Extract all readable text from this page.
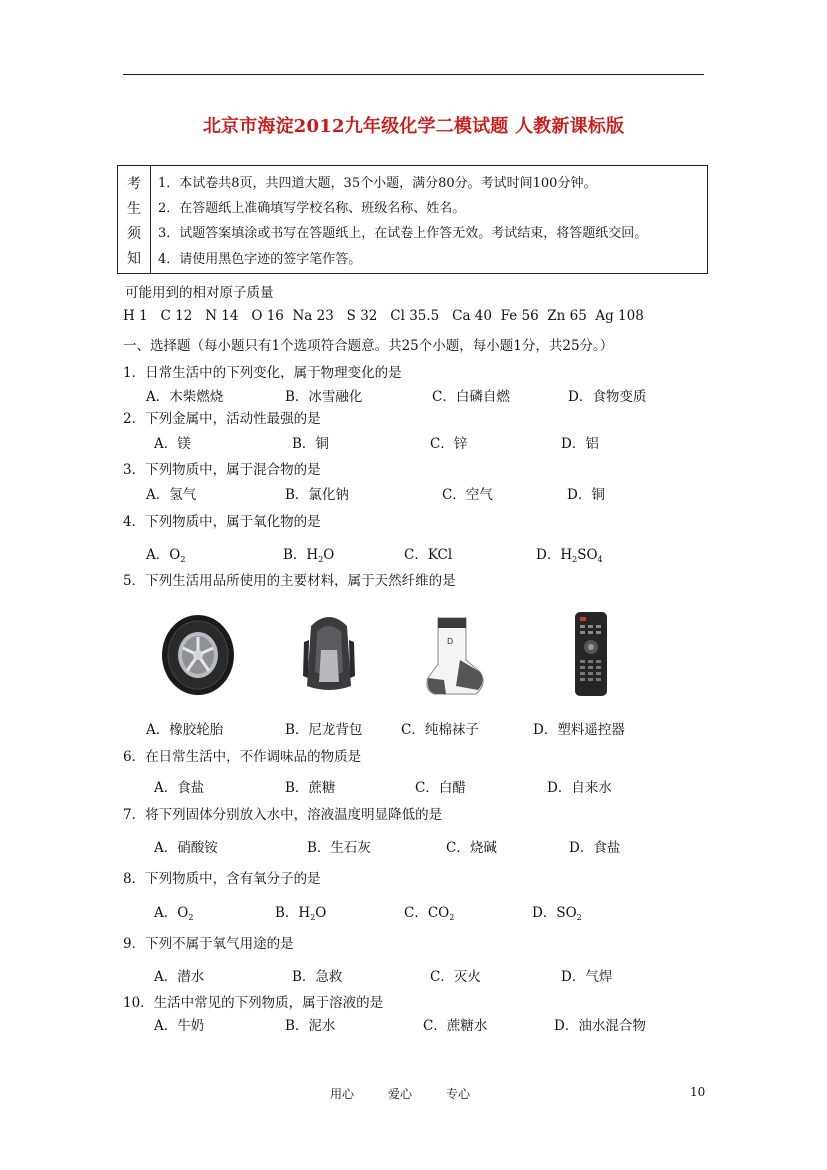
北京市海淀2012九年级化学二模试题 人教新课标版
考
生
须
知
1．本试卷共8页，共四道大题，35个小题，满分80分。考试时间100分钟。
2．在答题纸上准确填写学校名称、班级名称、姓名。
3．试题答案填涂或书写在答题纸上，在试卷上作答无效。考试结束，将答题纸交回。
4．请使用黑色字迹的签字笔作答。
可能用到的相对原子质量
H 1   C 12   N 14   O 16  Na 23   S 32   Cl 35.5   Ca 40  Fe 56  Zn 65  Ag 108
一、选择题（每小题只有1个选项符合题意。共25个小题，每小题1分，共25分。）
1．日常生活中的下列变化，属于物理变化的是
A．木柴燃烧	B．冰雪融化	C．白磷自燃	D．食物变质
2．下列金属中，活动性最强的是
A．镁	B．铜	C．锌	D．铝
3．下列物质中，属于混合物的是
A．氢气	B．氯化钠	C．空气	D．铜
4．下列物质中，属于氧化物的是
A．$O_2$	B．$H_2O$	C．KCl	D．$H_2SO_4$
5．下列生活用品所使用的主要材料，属于天然纤维的是
D
A．橡胶轮胎	B．尼龙背包	C．纯棉袜子	D．塑料遥控器
6．在日常生活中，不作调味品的物质是
A．食盐	B．蔗糖	C．白醋	D．自来水
7．将下列固体分别放入水中，溶液温度明显降低的是
A．硝酸铵	B．生石灰	C．烧碱	D．食盐
8．下列物质中，含有氧分子的是
A．$O_2$	B．$H_2O$	C．$CO_2$	D．$SO_2$
9．下列不属于氧气用途的是
A．潜水	B．急救	C．灭火	D．气焊
10．生活中常见的下列物质，属于溶液的是
A．牛奶	B．泥水	C．蔗糖水	D．油水混合物
用心	爱心	专心	10
